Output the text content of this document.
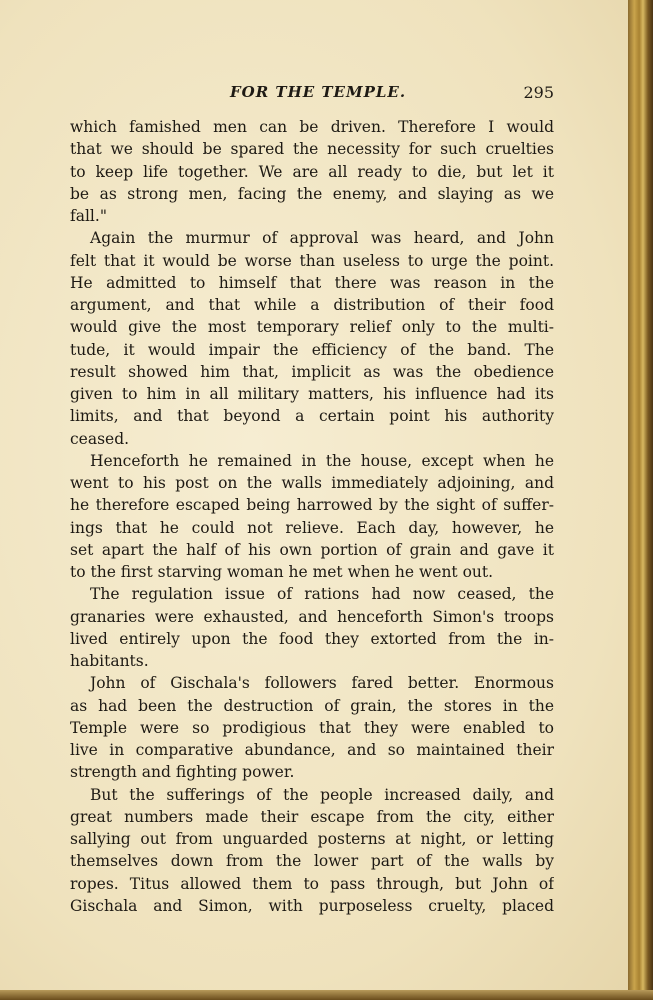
FOR THE TEMPLE.	295
which famished men can be driven. Therefore I would
that we should be spared the necessity for such cruelties
to keep life together. We are all ready to die, but let it
be as strong men, facing the enemy, and slaying as we
fall."
Again the murmur of approval was heard, and John
felt that it would be worse than useless to urge the point.
He admitted to himself that there was reason in the
argument, and that while a distribution of their food
would give the most temporary relief only to the multi-
tude, it would impair the efficiency of the band. The
result showed him that, implicit as was the obedience
given to him in all military matters, his influence had its
limits, and that beyond a certain point his authority
ceased.
Henceforth he remained in the house, except when he
went to his post on the walls immediately adjoining, and
he therefore escaped being harrowed by the sight of suffer-
ings that he could not relieve. Each day, however, he
set apart the half of his own portion of grain and gave it
to the first starving woman he met when he went out.
The regulation issue of rations had now ceased, the
granaries were exhausted, and henceforth Simon's troops
lived entirely upon the food they extorted from the in-
habitants.
John of Gischala's followers fared better. Enormous
as had been the destruction of grain, the stores in the
Temple were so prodigious that they were enabled to
live in comparative abundance, and so maintained their
strength and fighting power.
But the sufferings of the people increased daily, and
great numbers made their escape from the city, either
sallying out from unguarded posterns at night, or letting
themselves down from the lower part of the walls by
ropes. Titus allowed them to pass through, but John of
Gischala and Simon, with purposeless cruelty, placed
